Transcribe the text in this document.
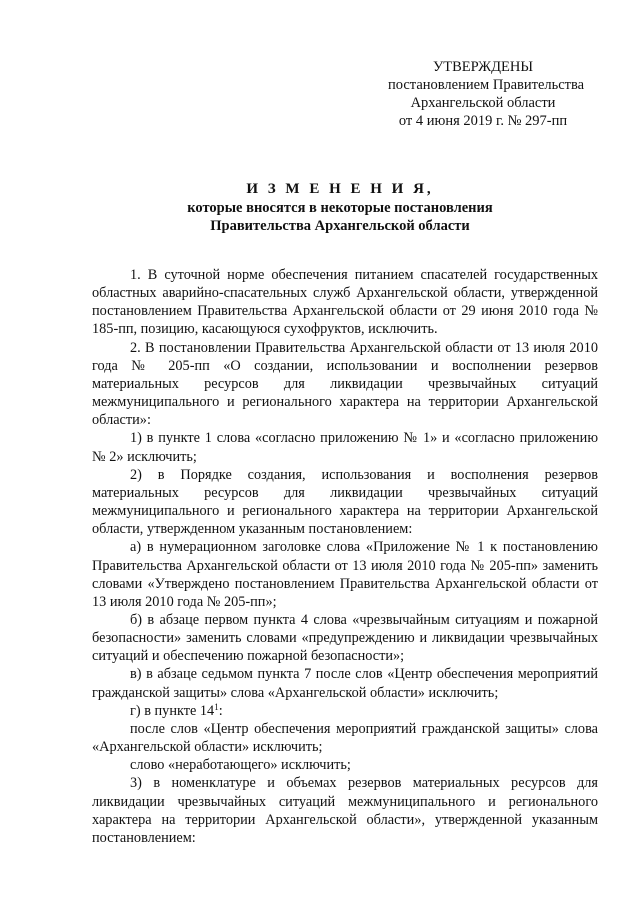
УТВЕРЖДЕНЫ
постановлением Правительства
Архангельской области
от 4 июня 2019 г. № 297-пп
И З М Е Н Е Н И Я,
которые вносятся в некоторые постановления
Правительства Архангельской области

1. В суточной норме обеспечения питанием спасателей государственных областных аварийно-спасательных служб Архангельской области, утвержденной постановлением Правительства Архангельской области от 29 июня 2010 года № 185-пп, позицию, касающуюся сухофруктов, исключить.

2. В постановлении Правительства Архангельской области от 13 июля 2010 года № 205-пп «О создании, использовании и восполнении резервов материальных ресурсов для ликвидации чрезвычайных ситуаций межмуниципального и регионального характера на территории Архангельской области»:

1) в пункте 1 слова «согласно приложению № 1» и «согласно приложению № 2» исключить;

2) в Порядке создания, использования и восполнения резервов материальных ресурсов для ликвидации чрезвычайных ситуаций межмуниципального и регионального характера на территории Архангельской области, утвержденном указанным постановлением:

а) в нумерационном заголовке слова «Приложение № 1 к постановлению Правительства Архангельской области от 13 июля 2010 года № 205-пп» заменить словами «Утверждено постановлением Правительства Архангельской области от 13 июля 2010 года № 205-пп»;

б) в абзаце первом пункта 4 слова «чрезвычайным ситуациям и пожарной безопасности» заменить словами «предупреждению и ликвидации чрезвычайных ситуаций и обеспечению пожарной безопасности»;

в) в абзаце седьмом пункта 7 после слов «Центр обеспечения мероприятий гражданской защиты» слова «Архангельской области» исключить;

г) в пункте $14^1$:

после слов «Центр обеспечения мероприятий гражданской защиты» слова «Архангельской области» исключить;

слово «неработающего» исключить;

3) в номенклатуре и объемах резервов материальных ресурсов для ликвидации чрезвычайных ситуаций межмуниципального и регионального характера на территории Архангельской области», утвержденной указанным постановлением:
